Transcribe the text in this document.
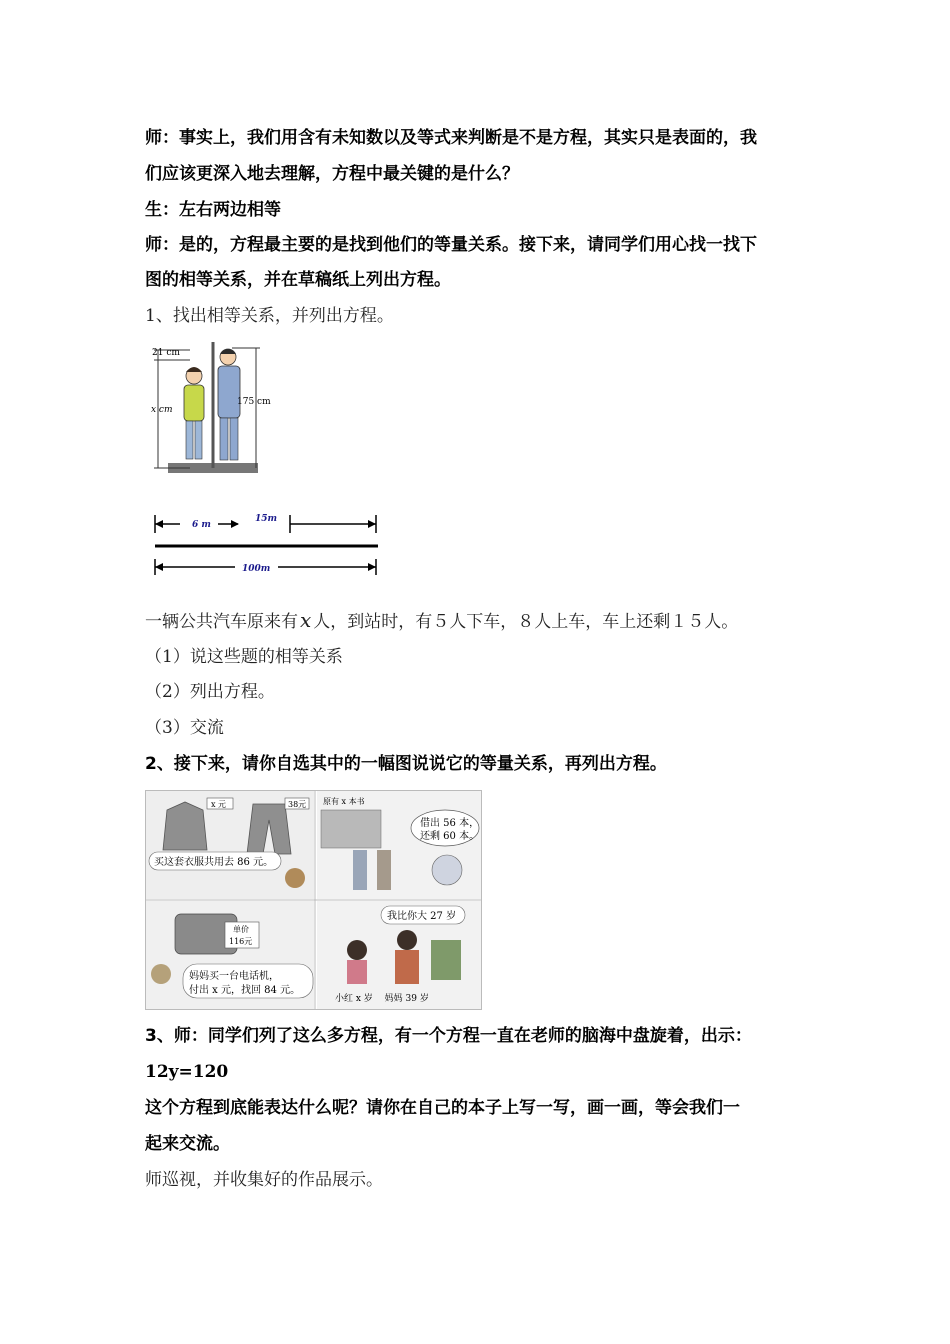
师：事实上，我们用含有未知数以及等式来判断是不是方程，其实只是表面的，我
们应该更深入地去理解，方程中最关键的是什么？
生：左右两边相等
师：是的，方程最主要的是找到他们的等量关系。接下来，请同学们用心找一找下
图的相等关系，并在草稿纸上列出方程。
1、找出相等关系，并列出方程。
21 cm
x cm
175 cm
6 m
15m
100m
一辆公共汽车原来有 x 人，到站时，有５人下车，８人上车，车上还剩１５人。
（1）说这些题的相等关系
（2）列出方程。
（3）交流
2、接下来，请你自选其中的一幅图说说它的等量关系，再列出方程。
x 元	38元
买这套衣服共用去 86 元。
原有 x 本书
借出 56 本，
还剩 60 本。
单价
116元
妈妈买一台电话机，
付出 x 元，找回 84 元。
我比你大 27 岁
小红 x 岁　 妈妈 39 岁
3、师：同学们列了这么多方程，有一个方程一直在老师的脑海中盘旋着，出示：
12y=120
这个方程到底能表达什么呢？请你在自己的本子上写一写，画一画，等会我们一
起来交流。
师巡视，并收集好的作品展示。
